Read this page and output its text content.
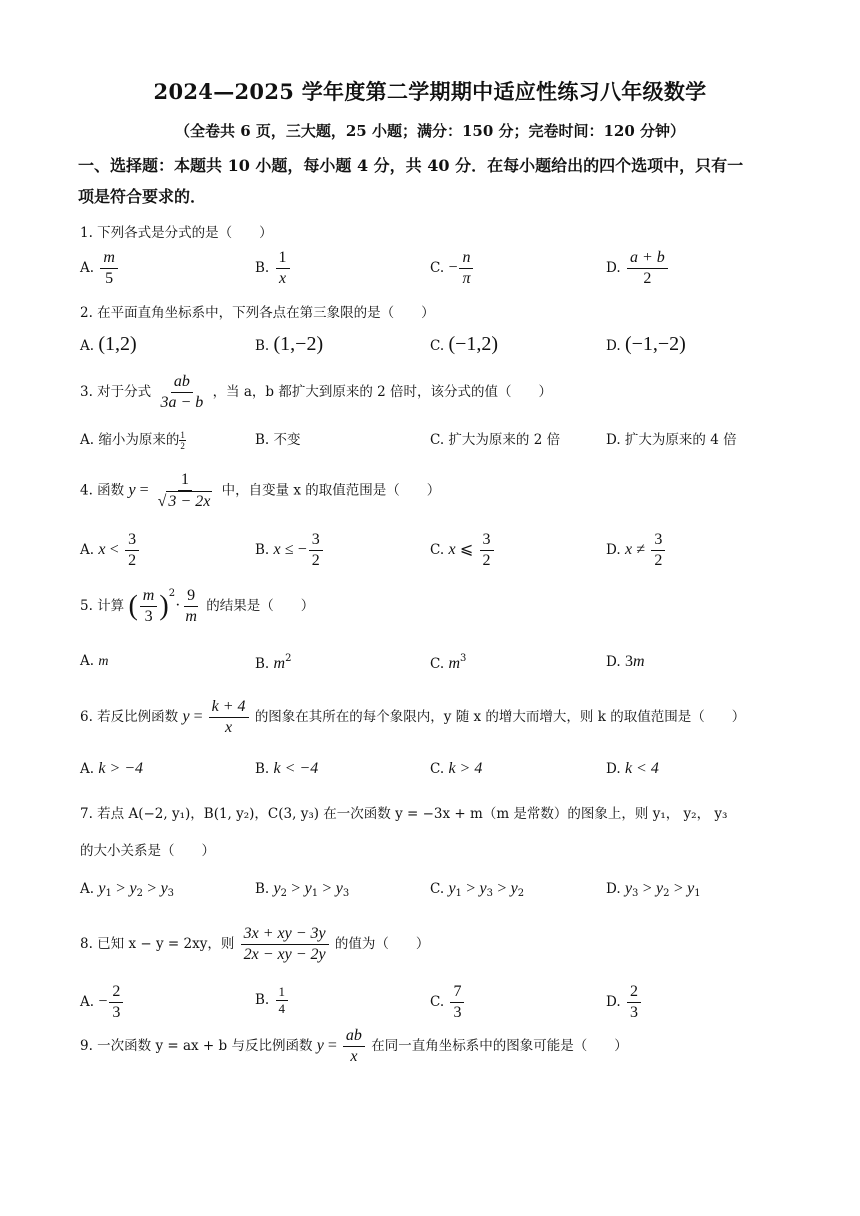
2024—2025 学年度第二学期期中适应性练习八年级数学
（全卷共 6 页，三大题，25 小题；满分：150 分；完卷时间：120 分钟）
一、选择题：本题共 10 小题，每小题 4 分，共 40 分．在每小题给出的四个选项中，只有一
项是符合要求的．
1. 下列各式是分式的是（　　）
A. $\frac{m}{5}$	B. $\frac{1}{x}$	C. − $\frac{n}{\pi}$	D. $\frac{a + b}{2}$
2. 在平面直角坐标系中，下列各点在第三象限的是（　　）
A. (1,2)	B. (1,−2)	C. (−1,2)	D. (−1,−2)
3. 对于分式 $\frac{ab}{3a - b}$ ，当 a，b 都扩大到原来的 2 倍时，该分式的值（　　）
A. 缩小为原来的 $\frac{1}{2}$	B. 不变	C. 扩大为原来的 2 倍	D. 扩大为原来的 4 倍
4. 函数 $y = \frac{1}{√ 3 - 2x}$ 中，自变量 x 的取值范围是（　　）
A. $x < \frac{3}{2}$	B. x ≤ − $\frac{3}{2}$	C. x ⩽ $\frac{3}{2}$	D. $x \ne \frac{3}{2}$
5. 计算 ( $\frac{m}{3} )^2\cdot \frac{9}{m}$ 的结果是（　　）
A. m	B. $m^2$	C. $m^3$	D. 3m
6. 若反比例函数 $y = \frac{k + 4}{x}$ 的图象在其所在的每个象限内，y 随 x 的增大而增大，则 k 的取值范围是（　　）
A. k > −4	B. k < −4	C. k > 4	D. k < 4
7. 若点 A(−2, y₁)，B(1, y₂)，C(3, y₃) 在一次函数 y = −3x + m（m 是常数）的图象上，则 y₁， y₂， y₃
的大小关系是（　　）
A. $y_1 > y_2 > y_3$	B. $y_2 > y_1 > y_3$	C. $y_1 > y_3 > y_2$	D. $y_3 > y_2 > y_1$
8. 已知 x − y = 2xy，则 $\frac{3x + xy - 3y}{2x - xy - 2y}$ 的值为（　　）
A. − $\frac{2}{3}$	B. $\frac{1}{4}$	C. $\frac{7}{3}$	D. $\frac{2}{3}$
9. 一次函数 y = ax + b 与反比例函数 $y = \frac{ab}{x}$ 在同一直角坐标系中的图象可能是（　　）
